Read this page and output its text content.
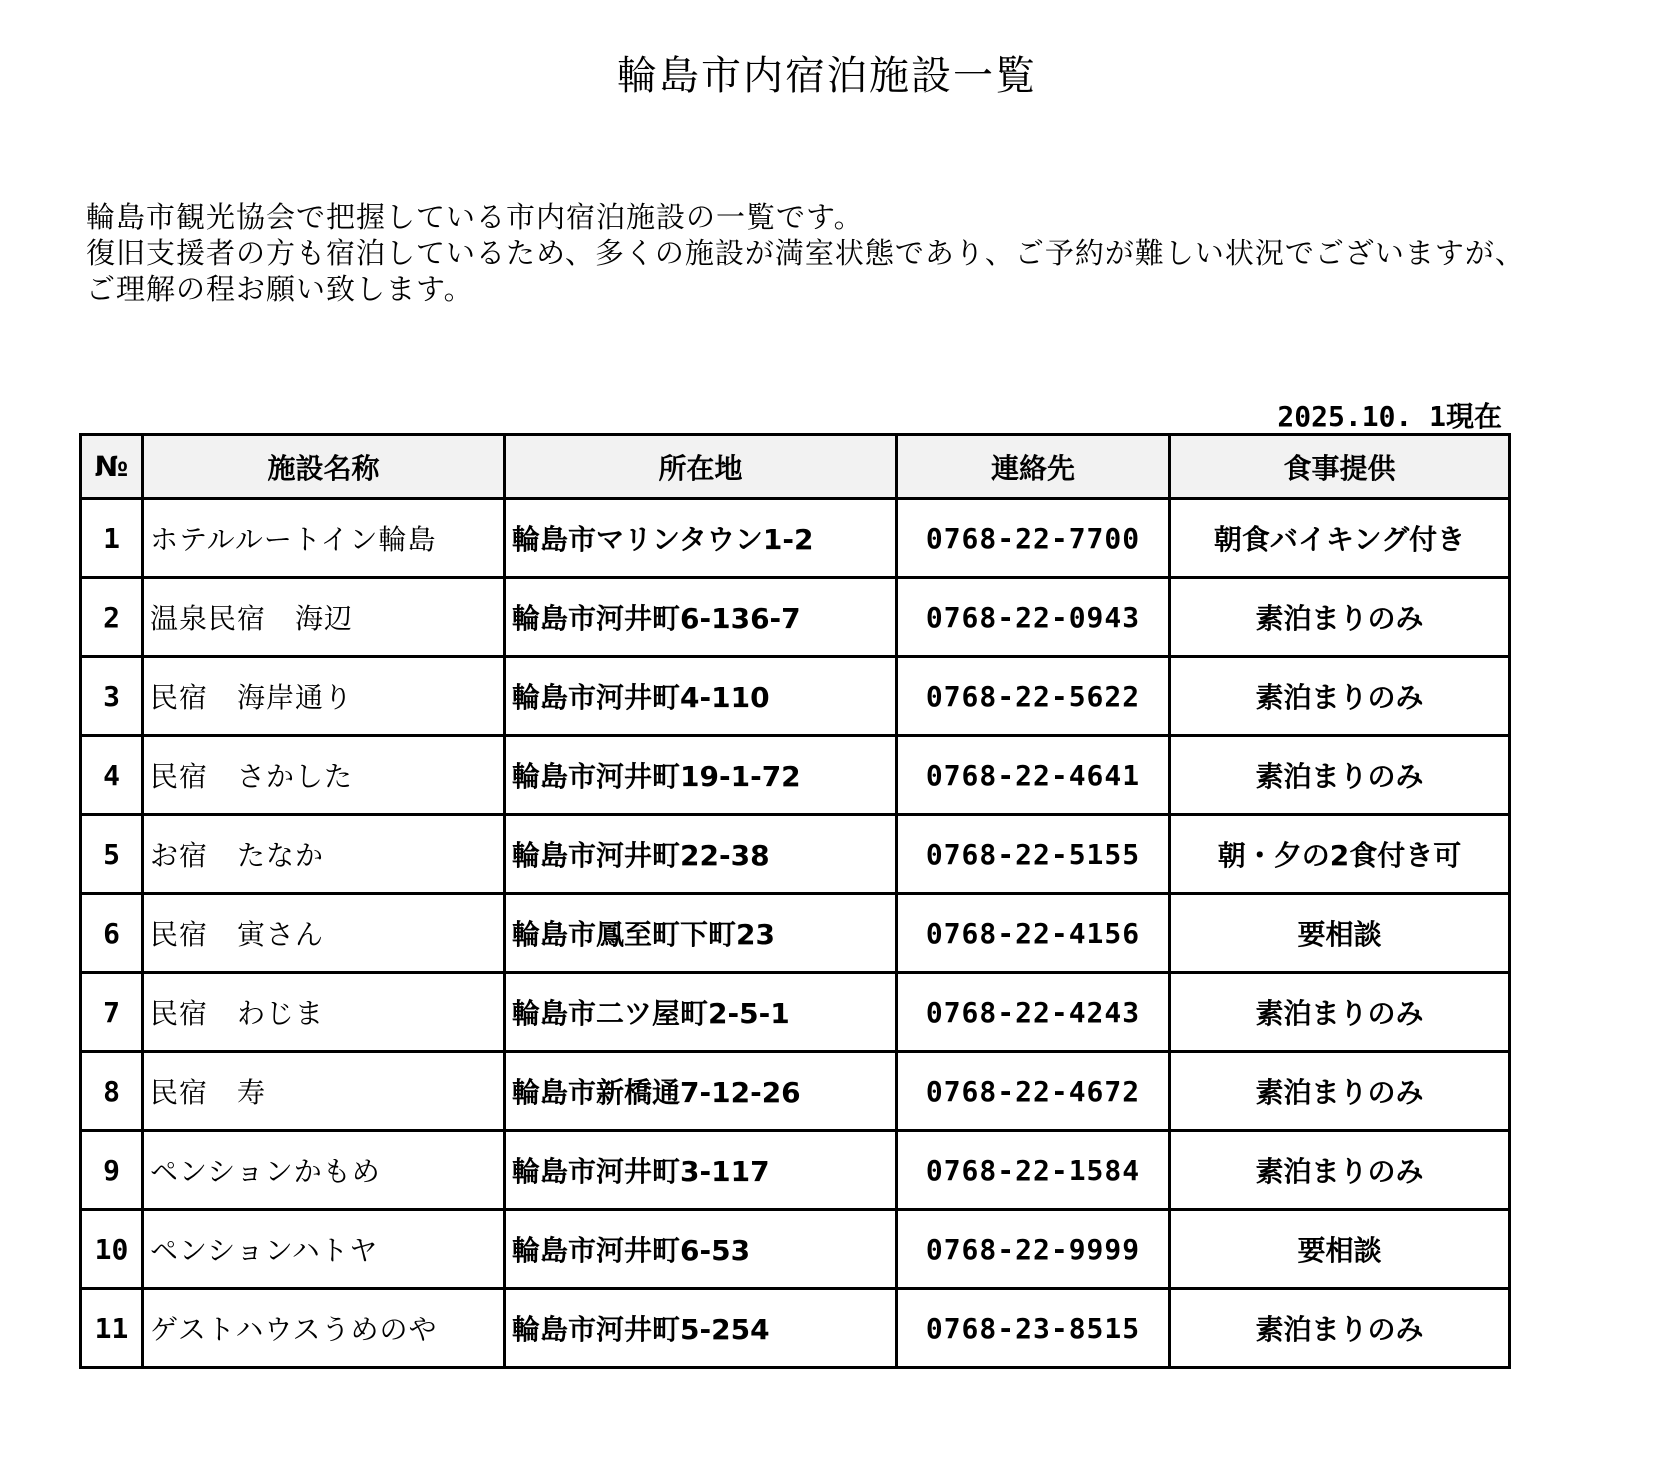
輪島市内宿泊施設一覧

輪島市観光協会で把握している市内宿泊施設の一覧です。

復旧支援者の方も宿泊しているため、多くの施設が満室状態であり、ご予約が難しい状況でございますが、ご理解の程お願い致します。

2025.10. 1現在
№	施設名称	所在地	連絡先	食事提供
1	ホテルルートイン輪島	輪島市マリンタウン1-2	0768-22-7700	朝食バイキング付き
2	温泉民宿　海辺	輪島市河井町6-136-7	0768-22-0943	素泊まりのみ
3	民宿　海岸通り	輪島市河井町4-110	0768-22-5622	素泊まりのみ
4	民宿　さかした	輪島市河井町19-1-72	0768-22-4641	素泊まりのみ
5	お宿　たなか	輪島市河井町22-38	0768-22-5155	朝・夕の2食付き可
6	民宿　寅さん	輪島市鳳至町下町23	0768-22-4156	要相談
7	民宿　わじま	輪島市二ツ屋町2-5-1	0768-22-4243	素泊まりのみ
8	民宿　寿	輪島市新橋通7-12-26	0768-22-4672	素泊まりのみ
9	ペンションかもめ	輪島市河井町3-117	0768-22-1584	素泊まりのみ
10	ペンションハトヤ	輪島市河井町6-53	0768-22-9999	要相談
11	ゲストハウスうめのや	輪島市河井町5-254	0768-23-8515	素泊まりのみ
